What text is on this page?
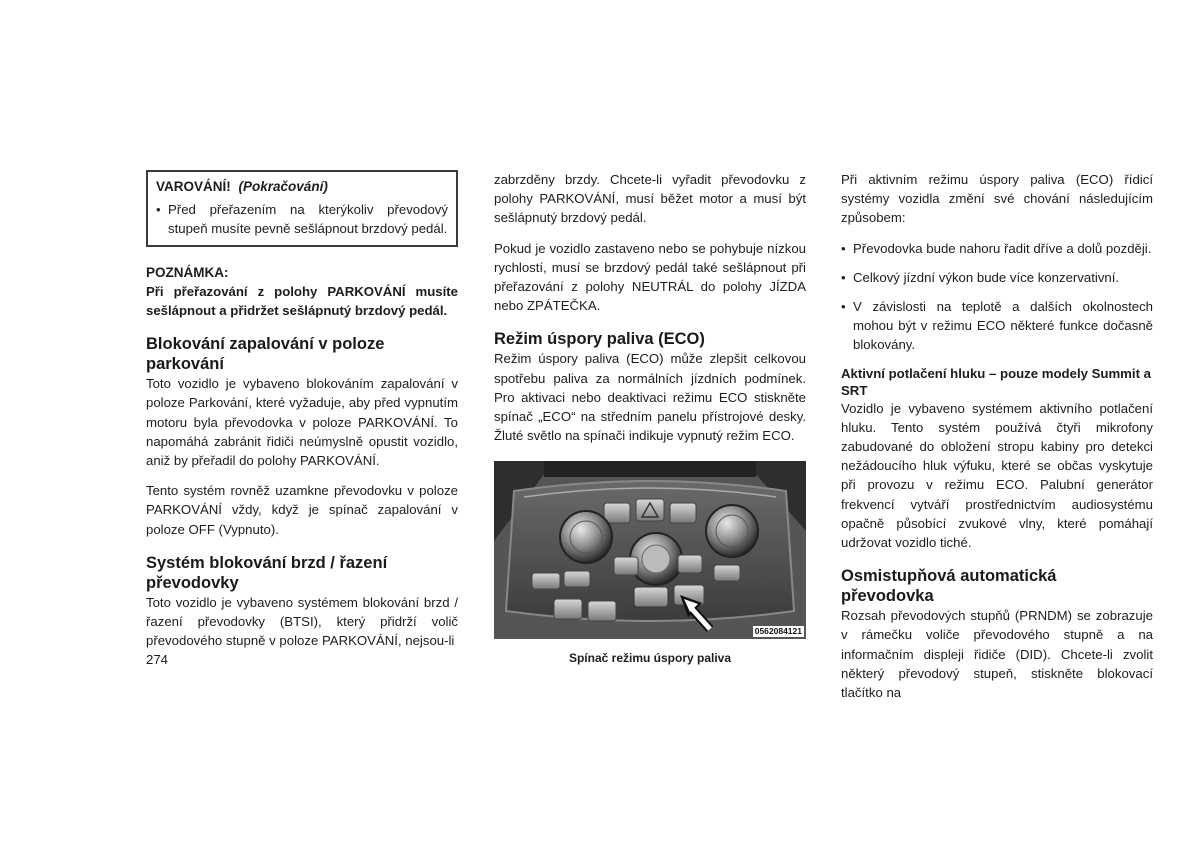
VAROVÁNÍ! (Pokračování)

• Před přeřazením na kterýkoliv převodový stupeň musíte pevně sešlápnout brzdový pedál.

POZNÁMKA:

Při přeřazování z polohy PARKOVÁNÍ musíte sešlápnout a přidržet sešlápnutý brzdový pedál.

Blokování zapalování v poloze parkování

Toto vozidlo je vybaveno blokováním zapalování v poloze Parkování, které vyžaduje, aby před vypnutím motoru byla převodovka v poloze PARKOVÁNÍ. To napomáhá zabránit řidiči neúmyslně opustit vozidlo, aniž by přeřadil do polohy PARKOVÁNÍ.

Tento systém rovněž uzamkne převodovku v poloze PARKOVÁNÍ vždy, když je spínač zapalování v poloze OFF (Vypnuto).

Systém blokování brzd / řazení převodovky

Toto vozidlo je vybaveno systémem blokování brzd / řazení převodovky (BTSI), který přidrží volič převodového stupně v poloze PARKOVÁNÍ, nejsou-li

zabrzděny brzdy. Chcete-li vyřadit převodovku z polohy PARKOVÁNÍ, musí běžet motor a musí být sešlápnutý brzdový pedál.

Pokud je vozidlo zastaveno nebo se pohybuje nízkou rychlostí, musí se brzdový pedál také sešlápnout při přeřazování z polohy NEUTRÁL do polohy JÍZDA nebo ZPÁTEČKA.

Režim úspory paliva (ECO)

Režim úspory paliva (ECO) může zlepšit celkovou spotřebu paliva za normálních jízdních podmínek. Pro aktivaci nebo deaktivaci režimu ECO stiskněte spínač „ECO“ na středním panelu přístrojové desky. Žluté světlo na spínači indikuje vypnutý režim ECO.

0562084121
Spínač režimu úspory paliva

Při aktivním režimu úspory paliva (ECO) řídicí systémy vozidla změní své chování následujícím způsobem:

• Převodovka bude nahoru řadit dříve a dolů později.

• Celkový jízdní výkon bude více konzervativní.

• V závislosti na teplotě a dalších okolnostech mohou být v režimu ECO některé funkce dočasně blokovány.

Aktivní potlačení hluku – pouze modely Summit a SRT

Vozidlo je vybaveno systémem aktivního potlačení hluku. Tento systém používá čtyři mikrofony zabudované do obložení stropu kabiny pro detekci nežádoucího hluk výfuku, které se občas vyskytuje při provozu v režimu ECO. Palubní generátor frekvencí vytváří prostřednictvím audiosystému opačně působící zvukové vlny, které pomáhají udržovat vozidlo tiché.

Osmistupňová automatická převodovka

Rozsah převodových stupňů (PRNDM) se zobrazuje v rámečku voliče převodového stupně a na informačním displeji řidiče (DID). Chcete-li zvolit některý převodový stupeň, stiskněte blokovací tlačítko na

274
